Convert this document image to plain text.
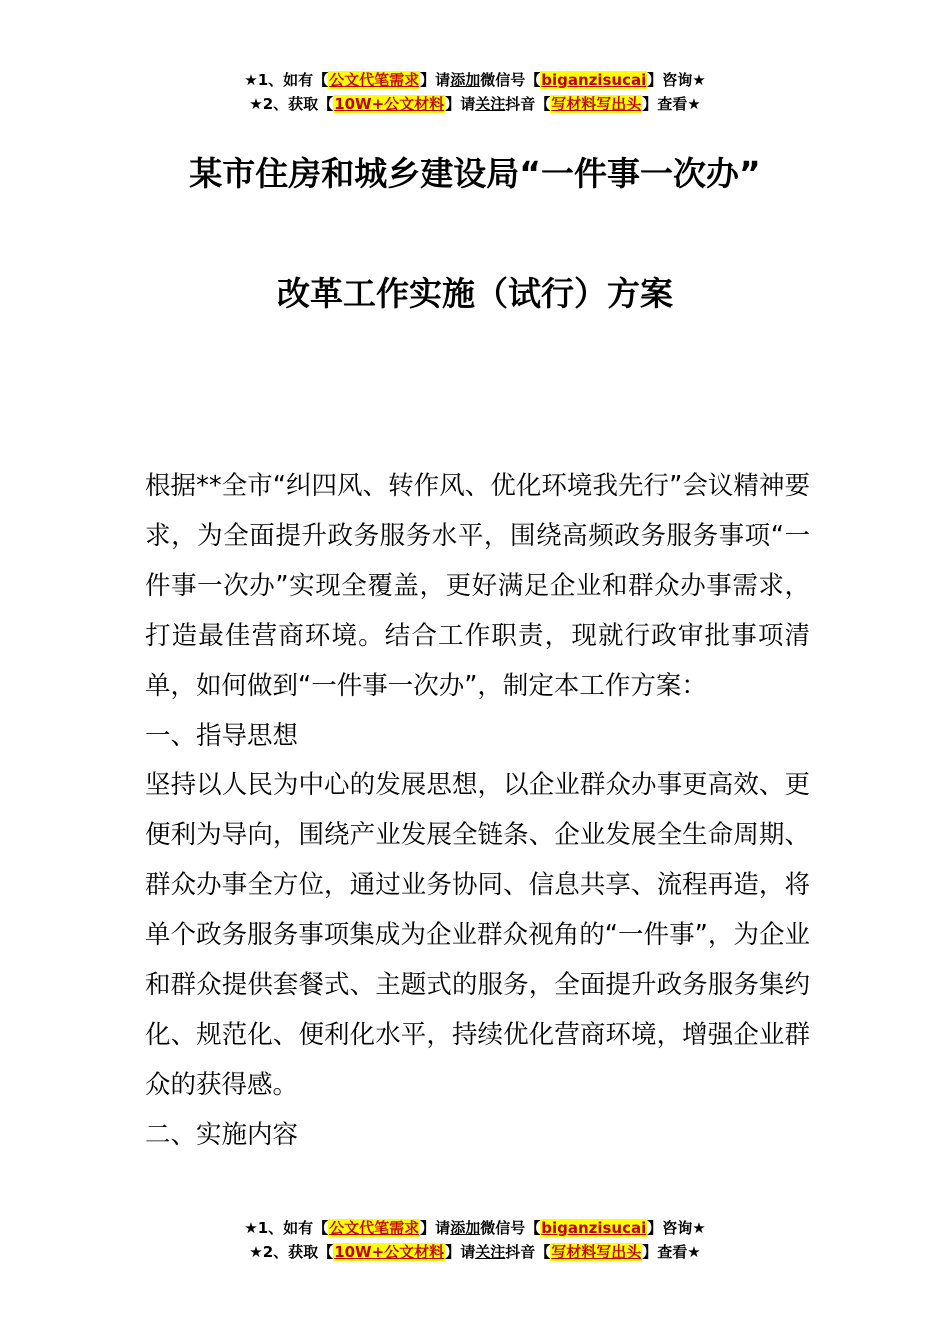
★1、如有【公文代笔需求】请添加微信号【biganzisucai】咨询★
★2、获取【10W+公文材料】请关注抖音【写材料写出头】查看★
某市住房和城乡建设局“一件事一次办”
改革工作实施（试行）方案

根据**全市“纠四风、转作风、优化环境我先行”会议精神要求，为全面提升政务服务水平，围绕高频政务服务事项“一件事一次办”实现全覆盖，更好满足企业和群众办事需求，打造最佳营商环境。结合工作职责，现就行政审批事项清单，如何做到“一件事一次办”，制定本工作方案：

一、指导思想

坚持以人民为中心的发展思想，以企业群众办事更高效、更便利为导向，围绕产业发展全链条、企业发展全生命周期、群众办事全方位，通过业务协同、信息共享、流程再造，将单个政务服务事项集成为企业群众视角的“一件事”，为企业和群众提供套餐式、主题式的服务，全面提升政务服务集约化、规范化、便利化水平，持续优化营商环境，增强企业群众的获得感。

二、实施内容

★1、如有【公文代笔需求】请添加微信号【biganzisucai】咨询★
★2、获取【10W+公文材料】请关注抖音【写材料写出头】查看★
